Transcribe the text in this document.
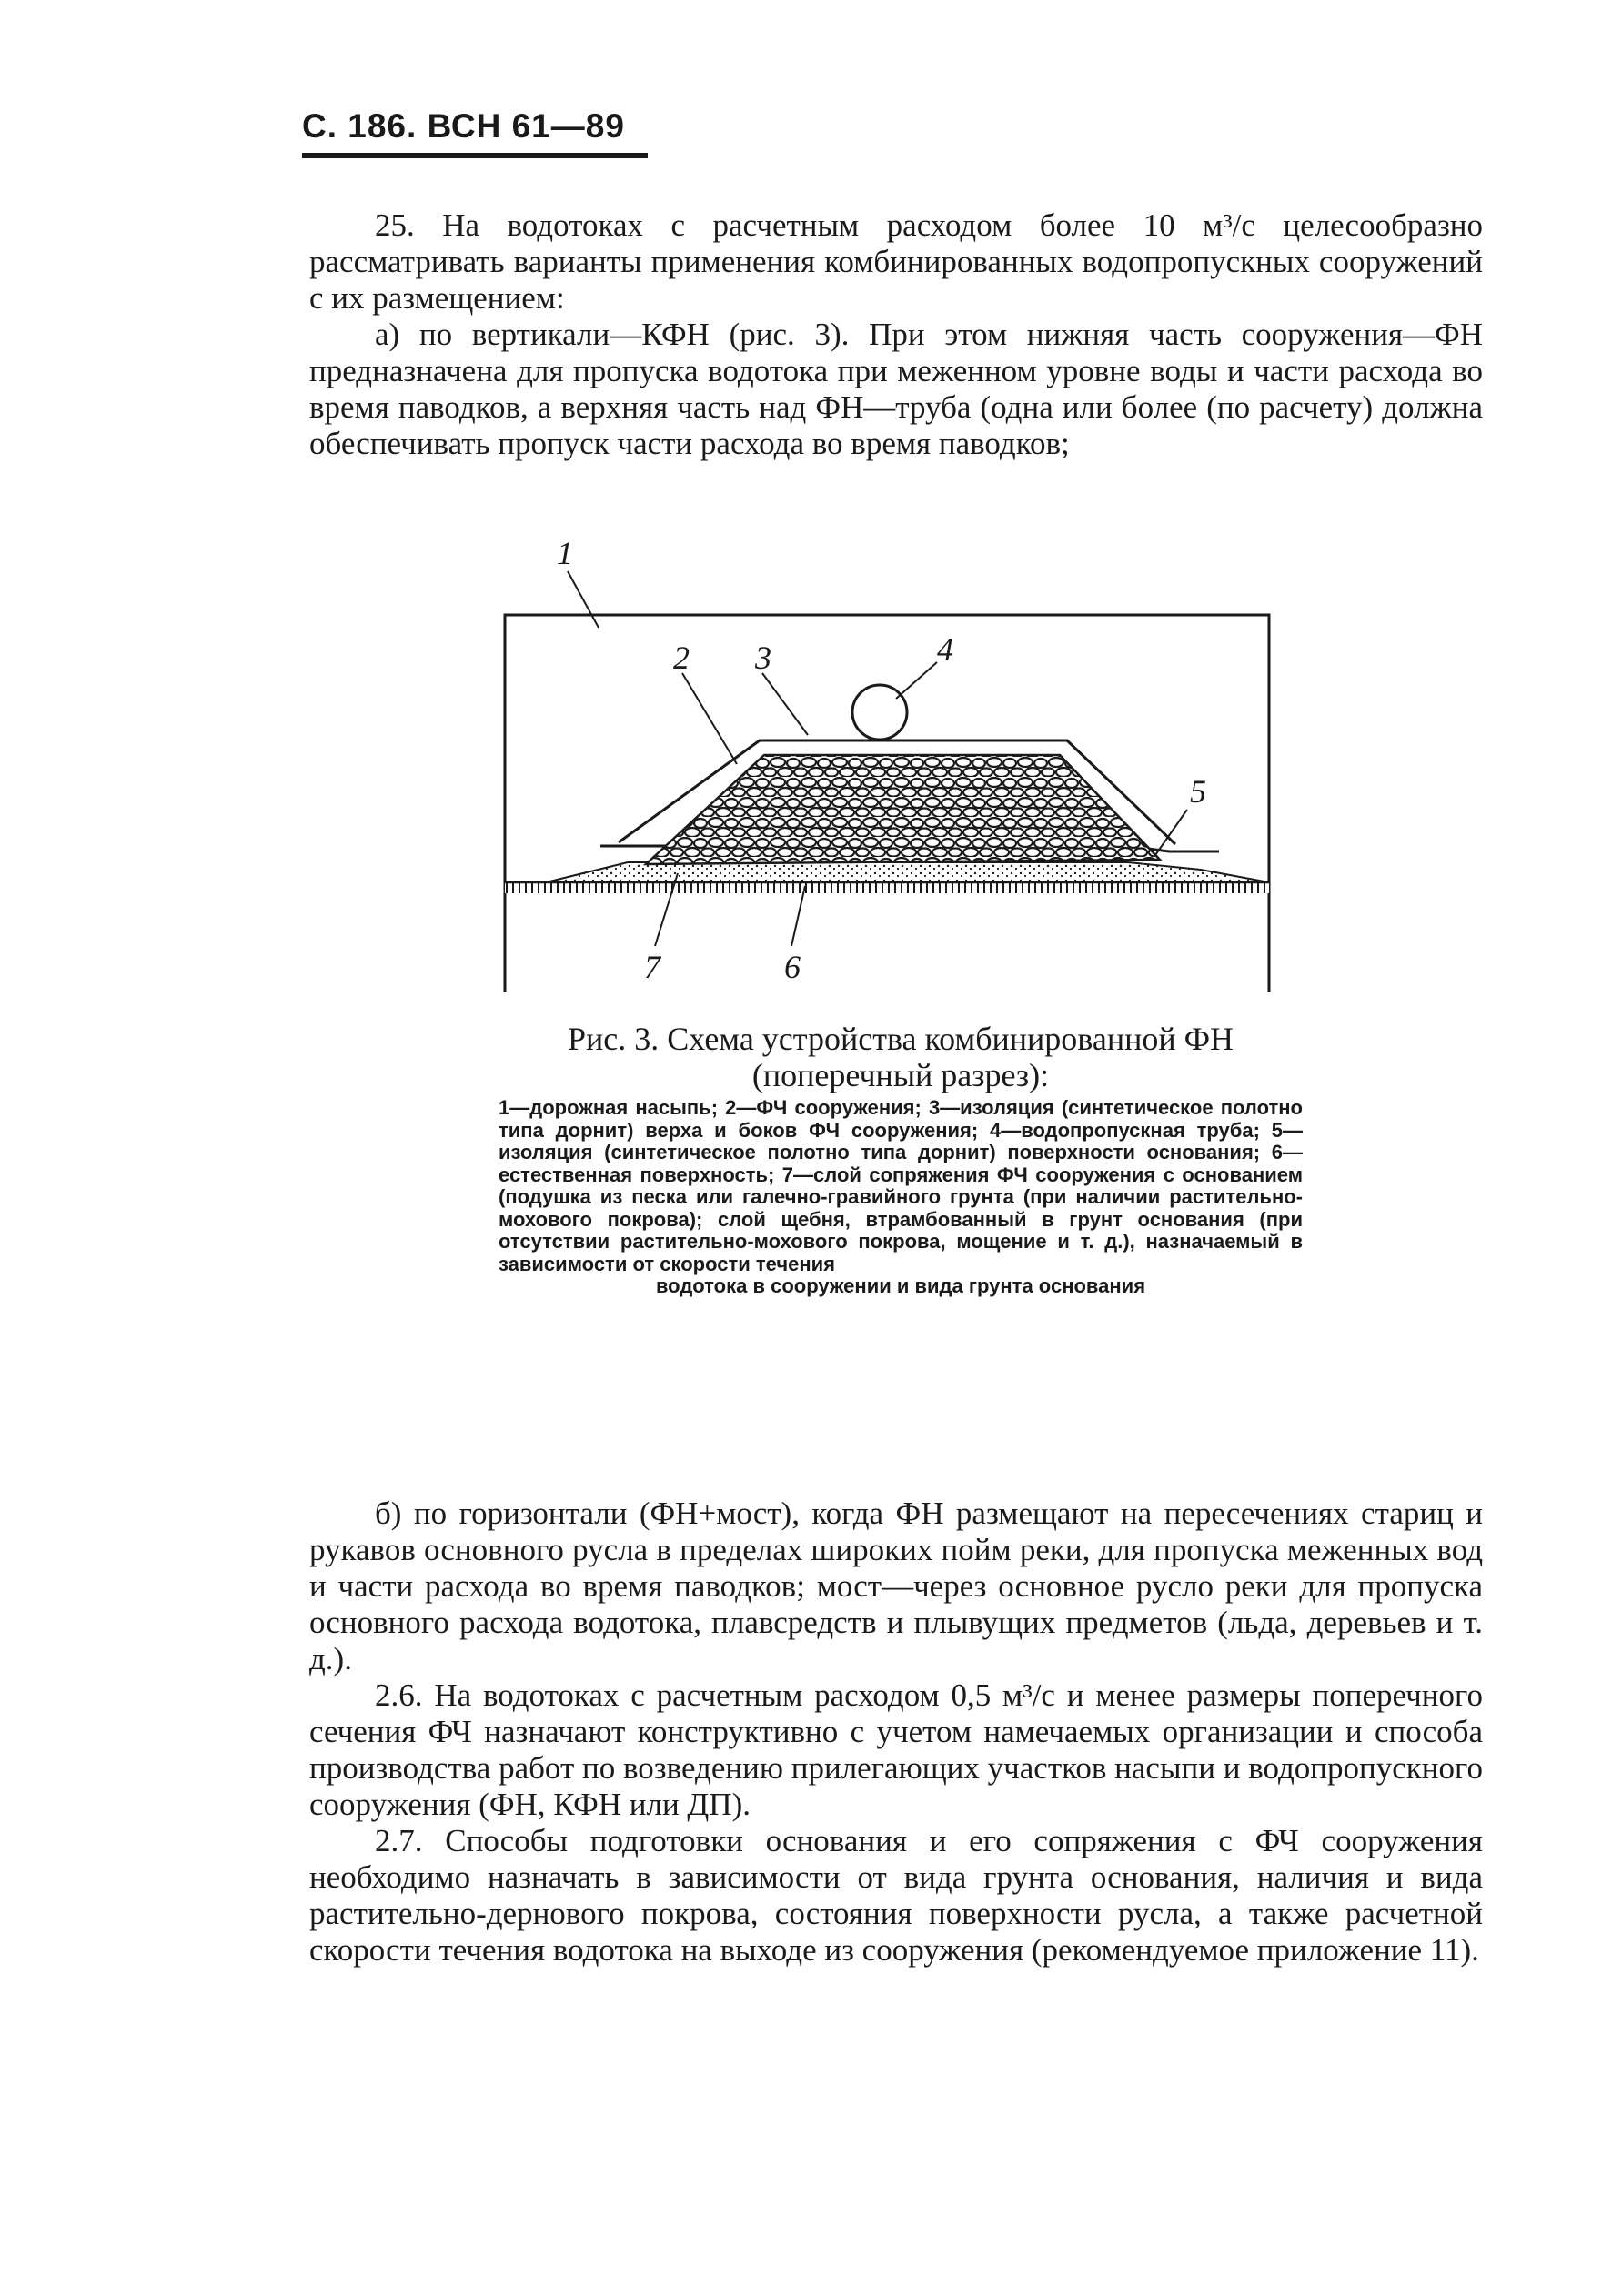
С. 186. ВСН 61—89

25. На водотоках с расчетным расходом более 10 м³/с целесообразно рассматривать варианты применения комбинированных водопропускных сооружений с их размещением:

а) по вертикали—КФН (рис. 3). При этом нижняя часть сооружения—ФН предназначена для пропуска водотока при меженном уровне воды и части расхода во время паводков, а верхняя часть над ФН—труба (одна или более (по расчету) должна обеспечивать пропуск части расхода во время паводков;

1
2 3	4
5
6
7
Рис. 3. Схема устройства комбинированной ФН (поперечный разрез):

1—дорожная насыпь; 2—ФЧ сооружения; 3—изоляция (синтетическое полотно типа дорнит) верха и боков ФЧ сооружения; 4—водопропускная труба; 5—изоляция (синтетическое полотно типа дорнит) поверхности основания; 6—естественная поверхность; 7—слой сопряжения ФЧ сооружения с основанием (подушка из песка или галечно-гравийного грунта (при наличии растительно-мохового покрова); слой щебня, втрамбованный в грунт основания (при отсутствии растительно-мохового покрова, мощение и т. д.), назначаемый в зависимости от скорости течения
водотока в сооружении и вида грунта основания

б) по горизонтали (ФН+мост), когда ФН размещают на пересечениях стариц и рукавов основного русла в пределах широких пойм реки, для пропуска меженных вод и части расхода во время паводков; мост—через основное русло реки для пропуска основного расхода водотока, плавсредств и плывущих предметов (льда, деревьев и т. д.).

2.6. На водотоках с расчетным расходом 0,5 м³/с и менее размеры поперечного сечения ФЧ назначают конструктивно с учетом намечаемых организации и способа производства работ по возведению прилегающих участков насыпи и водопропускного сооружения (ФН, КФН или ДП).

2.7. Способы подготовки основания и его сопряжения с ФЧ сооружения необходимо назначать в зависимости от вида грунта основания, наличия и вида растительно-дернового покрова, состояния поверхности русла, а также расчетной скорости течения водотока на выходе из сооружения (рекомендуемое приложение 11).
